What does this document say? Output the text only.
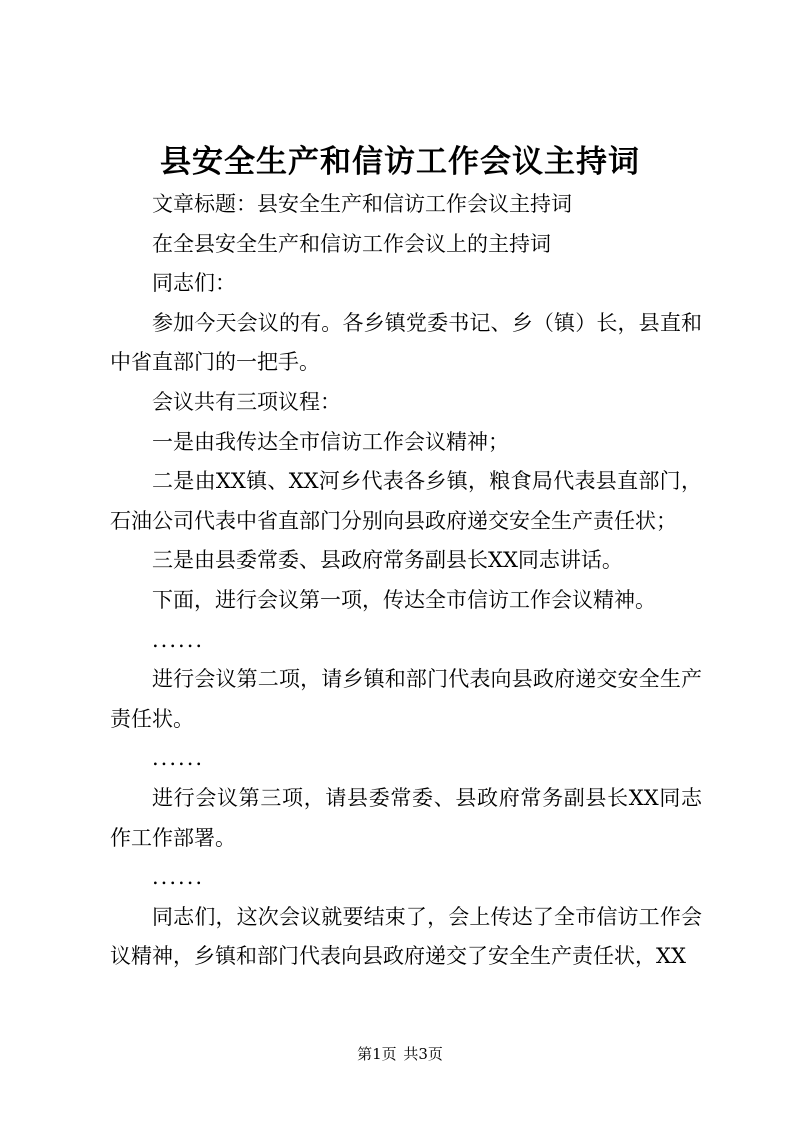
县安全生产和信访工作会议主持词

文章标题：县安全生产和信访工作会议主持词

在全县安全生产和信访工作会议上的主持词

同志们：

参加今天会议的有。各乡镇党委书记、乡（镇）长，县直和中省直部门的一把手。

会议共有三项议程：

一是由我传达全市信访工作会议精神；

二是由XX镇、XX河乡代表各乡镇，粮食局代表县直部门，石油公司代表中省直部门分别向县政府递交安全生产责任状；

三是由县委常委、县政府常务副县长XX同志讲话。

下面，进行会议第一项，传达全市信访工作会议精神。

......

进行会议第二项，请乡镇和部门代表向县政府递交安全生产责任状。

......

进行会议第三项，请县委常委、县政府常务副县长XX同志作工作部署。

......

同志们，这次会议就要结束了，会上传达了全市信访工作会议精神，乡镇和部门代表向县政府递交了安全生产责任状，XX

第1页 共3页
